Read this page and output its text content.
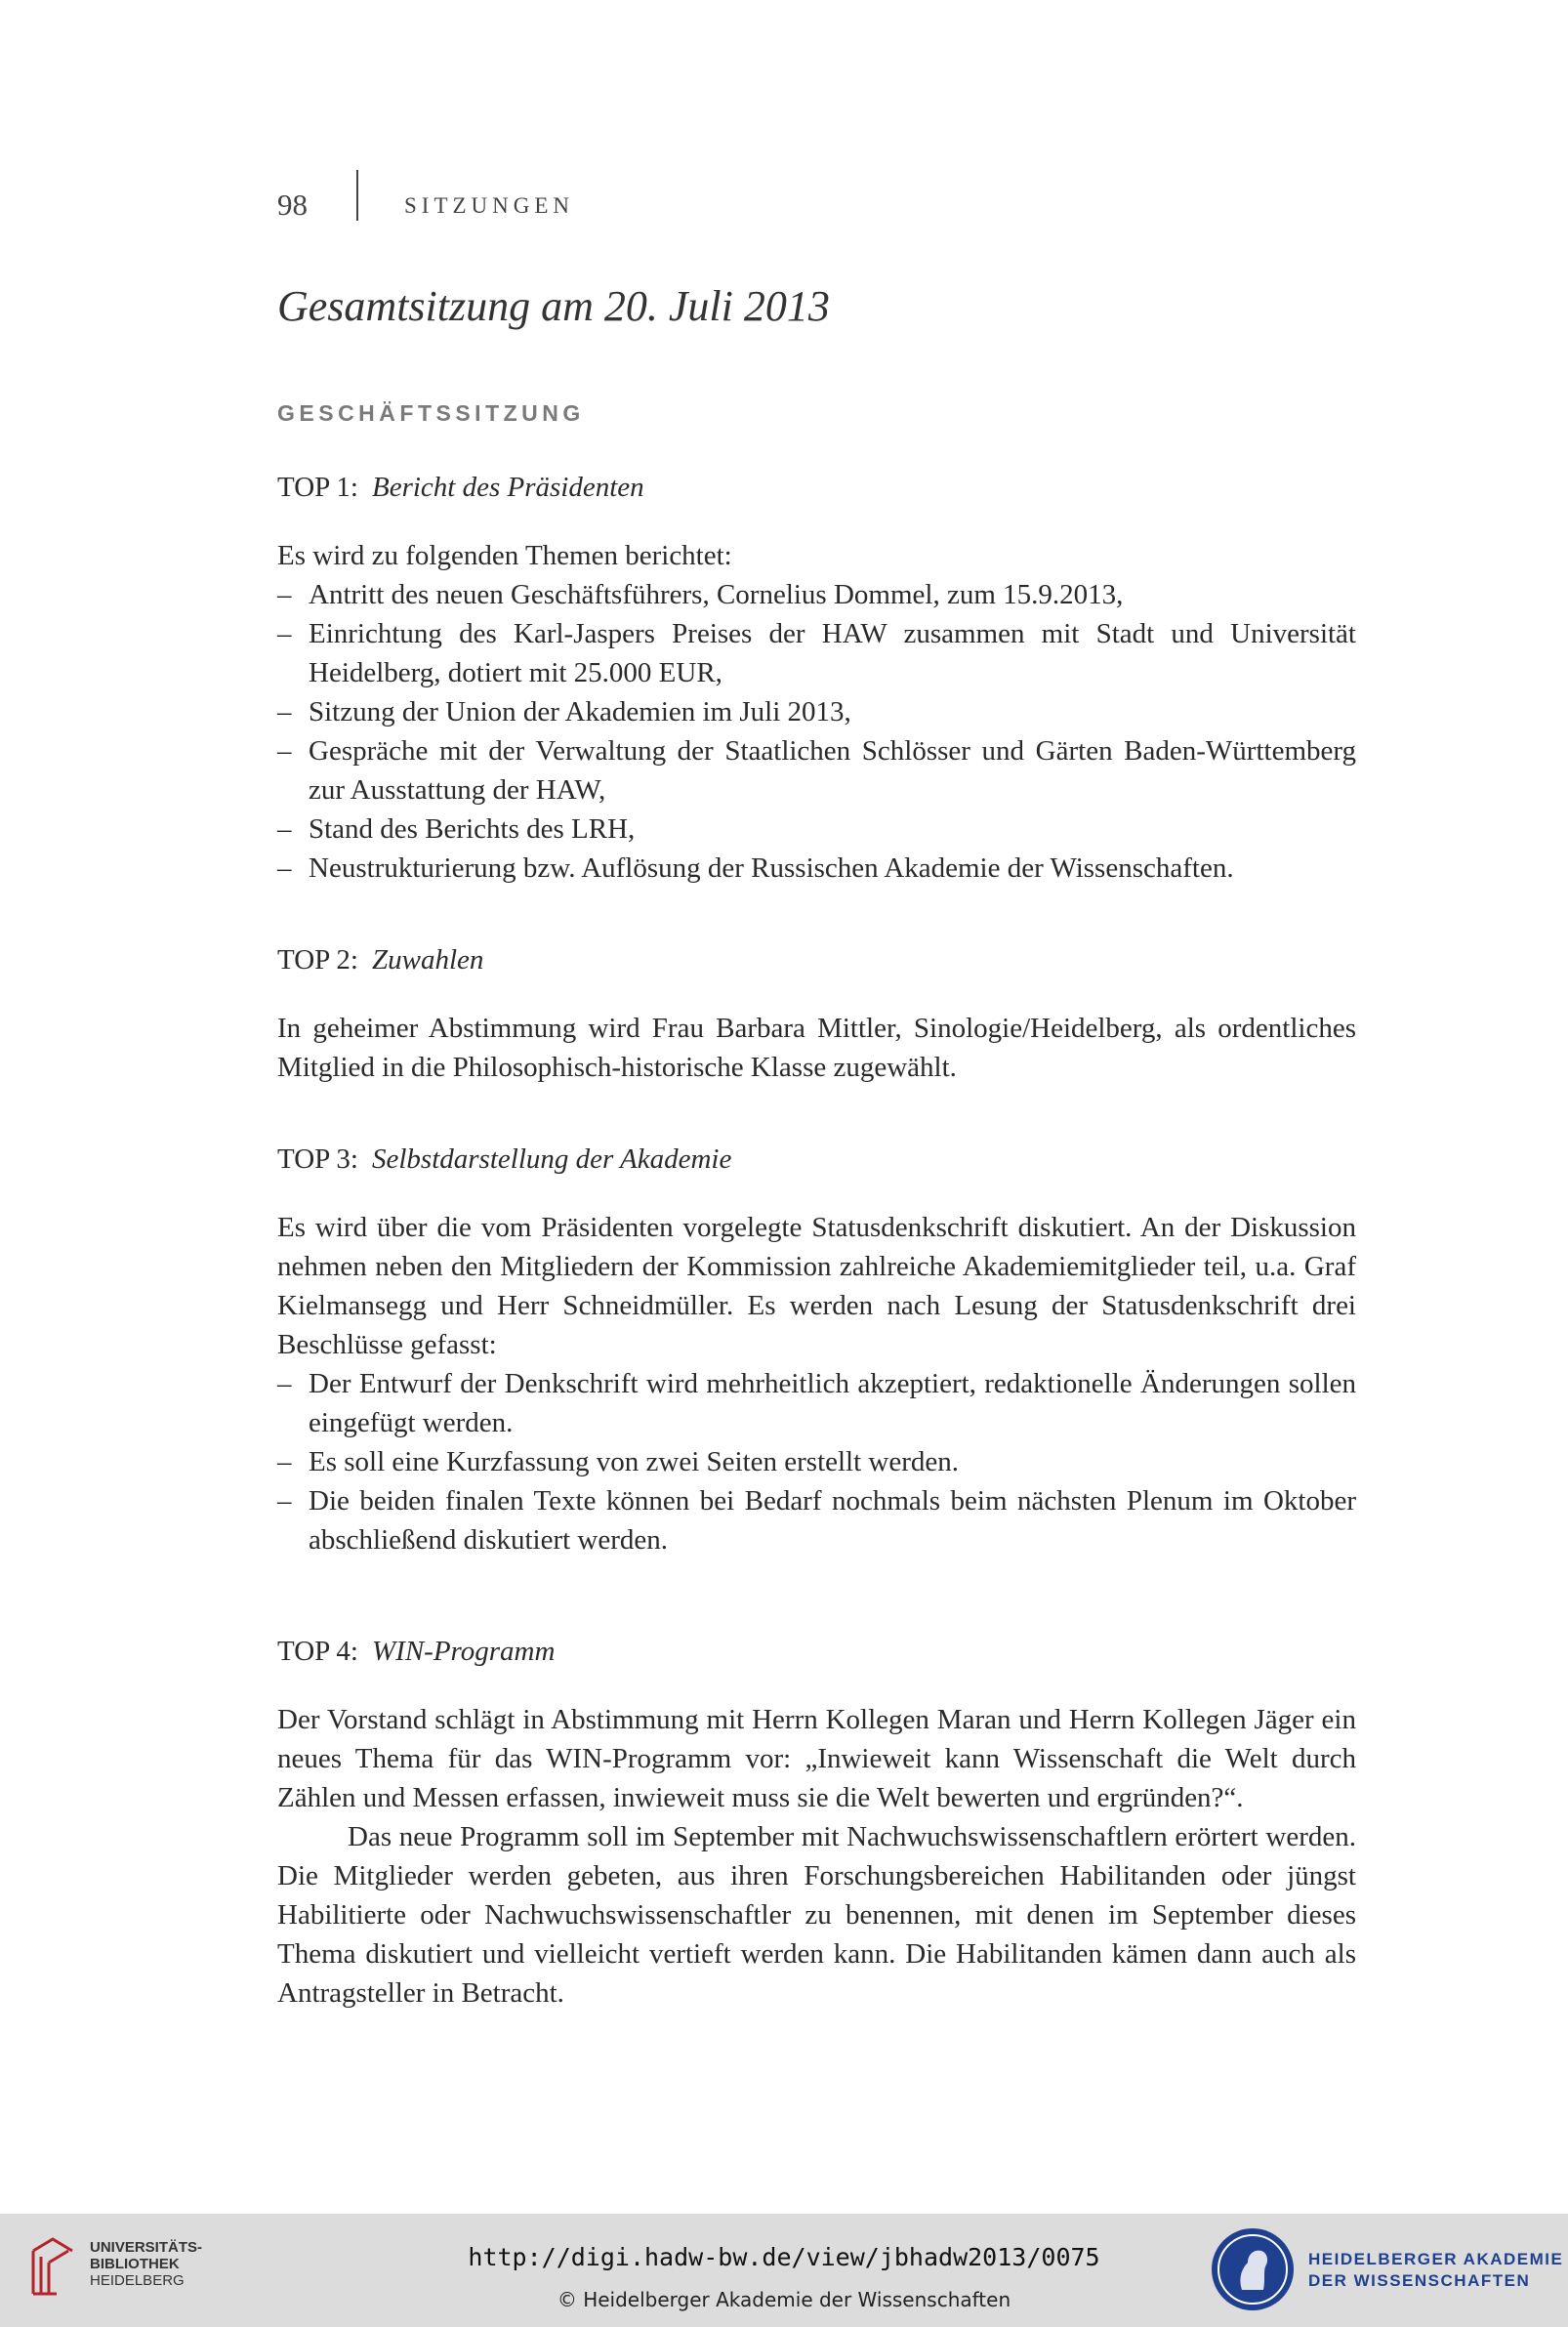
98	SITZUNGEN
Gesamtsitzung am 20. Juli 2013
GESCHÄFTSSITZUNG
TOP 1: Bericht des Präsidenten

Es wird zu folgenden Themen berichtet:

– Antritt des neuen Geschäftsführers, Cornelius Dommel, zum 15.9.2013,
– Einrichtung des Karl-Jaspers Preises der HAW zusammen mit Stadt und Universität Heidelberg, dotiert mit 25.000 EUR,
– Sitzung der Union der Akademien im Juli 2013,
– Gespräche mit der Verwaltung der Staatlichen Schlösser und Gärten Baden-Württemberg zur Ausstattung der HAW,
– Stand des Berichts des LRH,
– Neustrukturierung bzw. Auflösung der Russischen Akademie der Wissenschaften.
TOP 2: Zuwahlen

In geheimer Abstimmung wird Frau Barbara Mittler, Sinologie/Heidelberg, als ordentliches Mitglied in die Philosophisch-historische Klasse zugewählt.

TOP 3: Selbstdarstellung der Akademie

Es wird über die vom Präsidenten vorgelegte Statusdenkschrift diskutiert. An der Diskussion nehmen neben den Mitgliedern der Kommission zahlreiche Akademiemitglieder teil, u.a. Graf Kielmansegg und Herr Schneidmüller. Es werden nach Lesung der Statusdenkschrift drei Beschlüsse gefasst:

– Der Entwurf der Denkschrift wird mehrheitlich akzeptiert, redaktionelle Änderungen sollen eingefügt werden.
– Es soll eine Kurzfassung von zwei Seiten erstellt werden.
– Die beiden finalen Texte können bei Bedarf nochmals beim nächsten Plenum im Oktober abschließend diskutiert werden.
TOP 4: WIN-Programm

Der Vorstand schlägt in Abstimmung mit Herrn Kollegen Maran und Herrn Kollegen Jäger ein neues Thema für das WIN-Programm vor: „Inwieweit kann Wissenschaft die Welt durch Zählen und Messen erfassen, inwieweit muss sie die Welt bewerten und ergründen?“.

Das neue Programm soll im September mit Nachwuchswissenschaftlern erörtert werden. Die Mitglieder werden gebeten, aus ihren Forschungsbereichen Habilitanden oder jüngst Habilitierte oder Nachwuchswissenschaftler zu benennen, mit denen im September dieses Thema diskutiert und vielleicht vertieft werden kann. Die Habilitanden kämen dann auch als Antragsteller in Betracht.

UNIVERSITÄTS-
BIBLIOTHEK
HEIDELBERG
http://digi.hadw-bw.de/view/jbhadw2013/0075
© Heidelberger Akademie der Wissenschaften
HEIDELBERGER AKADEMIE
DER WISSENSCHAFTEN
